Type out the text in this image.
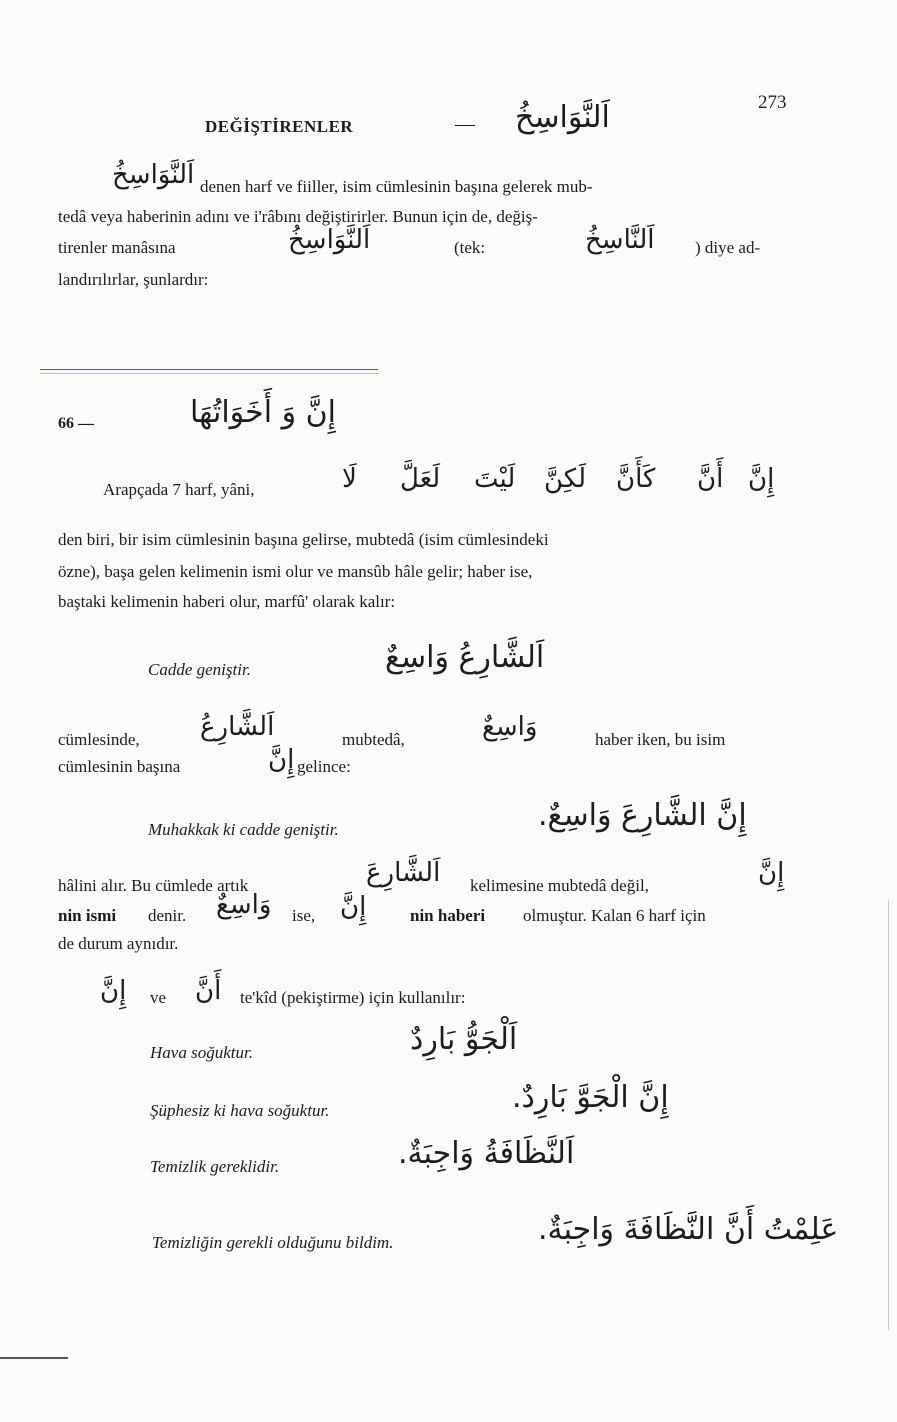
273
DEĞİŞTİRENLER	— اَلنَّوَاسِخُ
اَلنَّوَاسِخُ denen harf ve fiiller, isim cümlesinin başına gelerek mub-
tedâ veya haberinin adını ve i'râbını değiştirirler. Bunun için de, değiş-
tirenler manâsına	اَلنَّوَاسِخُ	(tek:	اَلنَّاسِخُ ) diye ad-
landırılırlar, şunlardır:
66 —	إِنَّ وَ أَخَوَاتُهَا
Arapçada 7 harf, yâni,	لَا لَعَلَّ لَيْتَ لَكِنَّ كَأَنَّ أَنَّ إِنَّ
den biri, bir isim cümlesinin başına gelirse, mubtedâ (isim cümlesindeki
özne), başa gelen kelimenin ismi olur ve mansûb hâle gelir; haber ise,
baştaki kelimenin haberi olur, marfû' olarak kalır:
Cadde geniştir.	اَلشَّارِعُ وَاسِعٌ
cümlesinde, اَلشَّارِعُ	mubtedâ,	وَاسِعٌ	haber iken, bu isim
cümlesinin başına	إِنَّ gelince:
Muhakkak ki cadde geniştir.	إِنَّ الشَّارِعَ وَاسِعٌ.
hâlini alır. Bu cümlede artık	اَلشَّارِعَ kelimesine mubtedâ değil,	إِنَّ
nin ismi denir. وَاسِعٌ ise, إِنَّ	nin haberi olmuştur. Kalan 6 harf için
de durum aynıdır.
إِنَّ ve أَنَّ te'kîd (pekiştirme) için kullanılır:
Hava soğuktur.	اَلْجَوُّ بَارِدٌ
Şüphesiz ki hava soğuktur.	إِنَّ الْجَوَّ بَارِدٌ.
Temizlik gereklidir.	اَلنَّظَافَةُ وَاجِبَةٌ.
Temizliğin gerekli olduğunu bildim.	عَلِمْتُ أَنَّ النَّظَافَةَ وَاجِبَةٌ.
